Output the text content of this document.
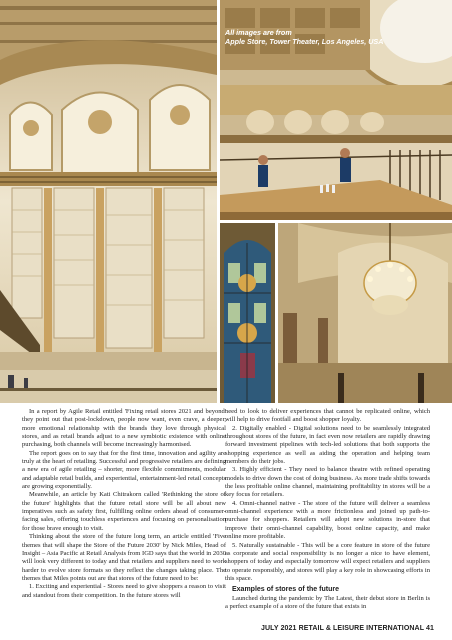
All images are from
Apple Store, Tower Theater, Los Angeles, USA

In a report by Agile Retail entitled 'Fixing retail stores 2021 and beyond' they point out that post-lockdown, people now want, even crave, a deeper, more emotional relationship with the brands they love through physical stores, and as retail brands adjust to a new symbiotic existence with online purchasing, both channels will become increasingly harmonised.

The report goes on to say that for the first time, innovation and agility are truly at the heart of retailing. Successful and progressive retailers are defining a new era of agile retailing – shorter, more flexible commitments, modular and adaptable retail builds, and experiential, entertainment-led retail concepts are growing exponentially.

Meanwhile, an article by Kati Chitrakorn called 'Rethinking the store of the future' highlights that the future retail store will be all about new imperatives such as safety first, fulfilling online orders ahead of consumer-facing sales, offering touchless experiences and focusing on personalisation for those brave enough to visit.

Thinking about the store of the future long term, an article entitled 'Five themes that will shape the Store of the Future 2030' by Nick Miles, Head of Insight – Asia Pacific at Retail Analysis from IGD says that the world in 2030 will look very different to today and that retailers and suppliers need to work harder to evolve store formats so they reflect the changes taking place. The themes that Miles points out are that stores of the future need to be:

1. Exciting and experiential - Stores need to give shoppers a reason to visit and standout from their competition. In the future stores will

need to look to deliver experiences that cannot be replicated online, which will help to drive footfall and boost shopper loyalty.

2. Digitally enabled - Digital solutions need to be seamlessly integrated throughout stores of the future, in fact even now retailers are rapidly drawing forward investment pipelines with tech-led solutions that both supports the shopping experience as well as aiding the operation and helping team members do their jobs.

3. Highly efficient - They need to balance theatre with refined operating models to drive down the cost of doing business. As more trade shifts towards the less profitable online channel, maintaining profitability in stores will be a key focus for retailers.

4. Omni-channel native - The store of the future will deliver a seamless omni-channel experience with a more frictionless and joined up path-to-purchase for shoppers. Retailers will adopt new solutions in-store that improve their omni-channel capability, boost online capacity, and make online more profitable.

5. Naturally sustainable - This will be a core feature in store of the future as corporate and social responsibility is no longer a nice to have element, shoppers of today and especially tomorrow will expect retailers and suppliers to operate responsibly, and stores will play a key role in showcasing efforts in this space.

Examples of stores of the future

Launched during the pandemic by The Latest, their debut store in Berlin is a perfect example of a store of the future that exists in

JULY 2021 RETAIL & LEISURE INTERNATIONAL 41
